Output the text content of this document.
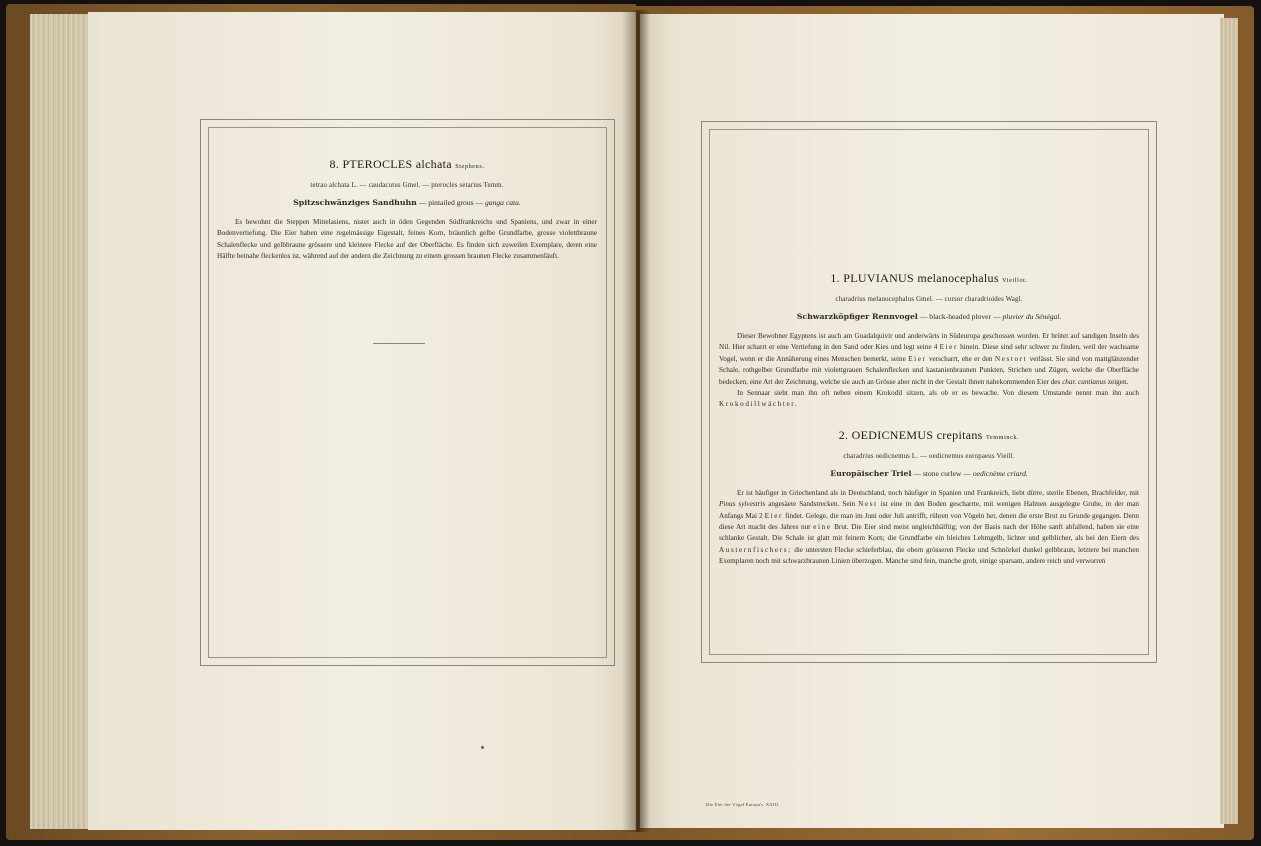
8. PTEROCLES alchata Stephens.
tetrao alchata L. — caudacutus Gmel. — pterocles setarius Temm.
Spitzschwänziges Sandhuhn — pintailed grous — ganga cata.
Es bewohnt die Steppen Mittelasiens, nistet auch in öden Gegenden Südfrankreichs und Spaniens, und zwar in einer Bodenvertiefung. Die Eier haben eine regelmässige Eigestalt, feines Korn, bräunlich gelbe Grundfarbe, grosse violettbraune Schalenflecke und gelbbraune grössere und kleinere Flecke auf der Oberfläche. Es finden sich zuweilen Exemplare, deren eine Hälfte beinahe fleckenlos ist, während auf der andern die Zeichnung zu einem grossen braunen Flecke zusammenläuft.
1. PLUVIANUS melanocephalus Vieillot.
charadrius melanocephalus Gmel. — cursor charadrioides Wagl.
Schwarzköpfiger Rennvogel — black-headed plover — pluvier du Sénégal.
Dieser Bewohner Egyptens ist auch am Guadalquivir und anderwärts in Südeuropa geschossen worden. Er brütet auf sandigen Inseln des Nil. Hier scharrt er eine Vertiefung in den Sand oder Kies und legt seine 4 Eier hinein. Diese sind sehr schwer zu finden, weil der wachsame Vogel, wenn er die Annäherung eines Menschen bemerkt, seine Eier verscharrt, ehe er den Nestort verlässt. Sie sind von mattglänzender Schale, rothgelber Grundfarbe mit violettgrauen Schalenflecken und kastanienbraunen Punkten, Strichen und Zügen, welche die Oberfläche bedecken, eine Art der Zeichnung, welche sie auch an Grösse aber nicht in der Gestalt ihnen nahekommenden Eier des char. cantianus zeigen.
In Sennaar sieht man ihn oft neben einem Krokodil sitzen, als ob er es bewache. Von diesem Umstande nennt man ihn auch Krokodillwächter.
2. OEDICNEMUS crepitans Temminck.
charadrius oedicnemus L. — oedicnemus europaeus Vieill.
Europäischer Triel — stone curlew — oedicnème criard.
Er ist häufiger in Griechenland als in Deutschland, noch häufiger in Spanien und Frankreich, liebt dürre, sterile Ebenen, Brachfelder, mit Pinus sylvestris angesäete Sandstrecken. Sein Nest ist eine in den Boden gescharrte, mit wenigen Halmen ausgelegte Grube, in der man Anfangs Mai 2 Eier findet. Gelege, die man im Juni oder Juli antrifft, rühren von Vögeln her, denen die erste Brut zu Grunde gegangen. Denn diese Art macht des Jahres nur eine Brut. Die Eier sind meist ungleichhälftig; von der Basis nach der Höhe sanft abfallend, haben sie eine schlanke Gestalt. Die Schale ist glatt mit feinem Korn; die Grundfarbe ein bleiches Lehmgelb, lichter und gelblicher, als bei den Eiern des Austernfischers; die untersten Flecke schieferblau, die obern grösseren Flecke und Schnörkel dunkel gelbbraun, letztere bei manchen Exemplaren noch mit schwarzbraunen Linien überzogen. Manche sind fein, manche grob, einige sparsam, andere reich und verworren
Die Eier der Vögel Europa's. XXIII.
